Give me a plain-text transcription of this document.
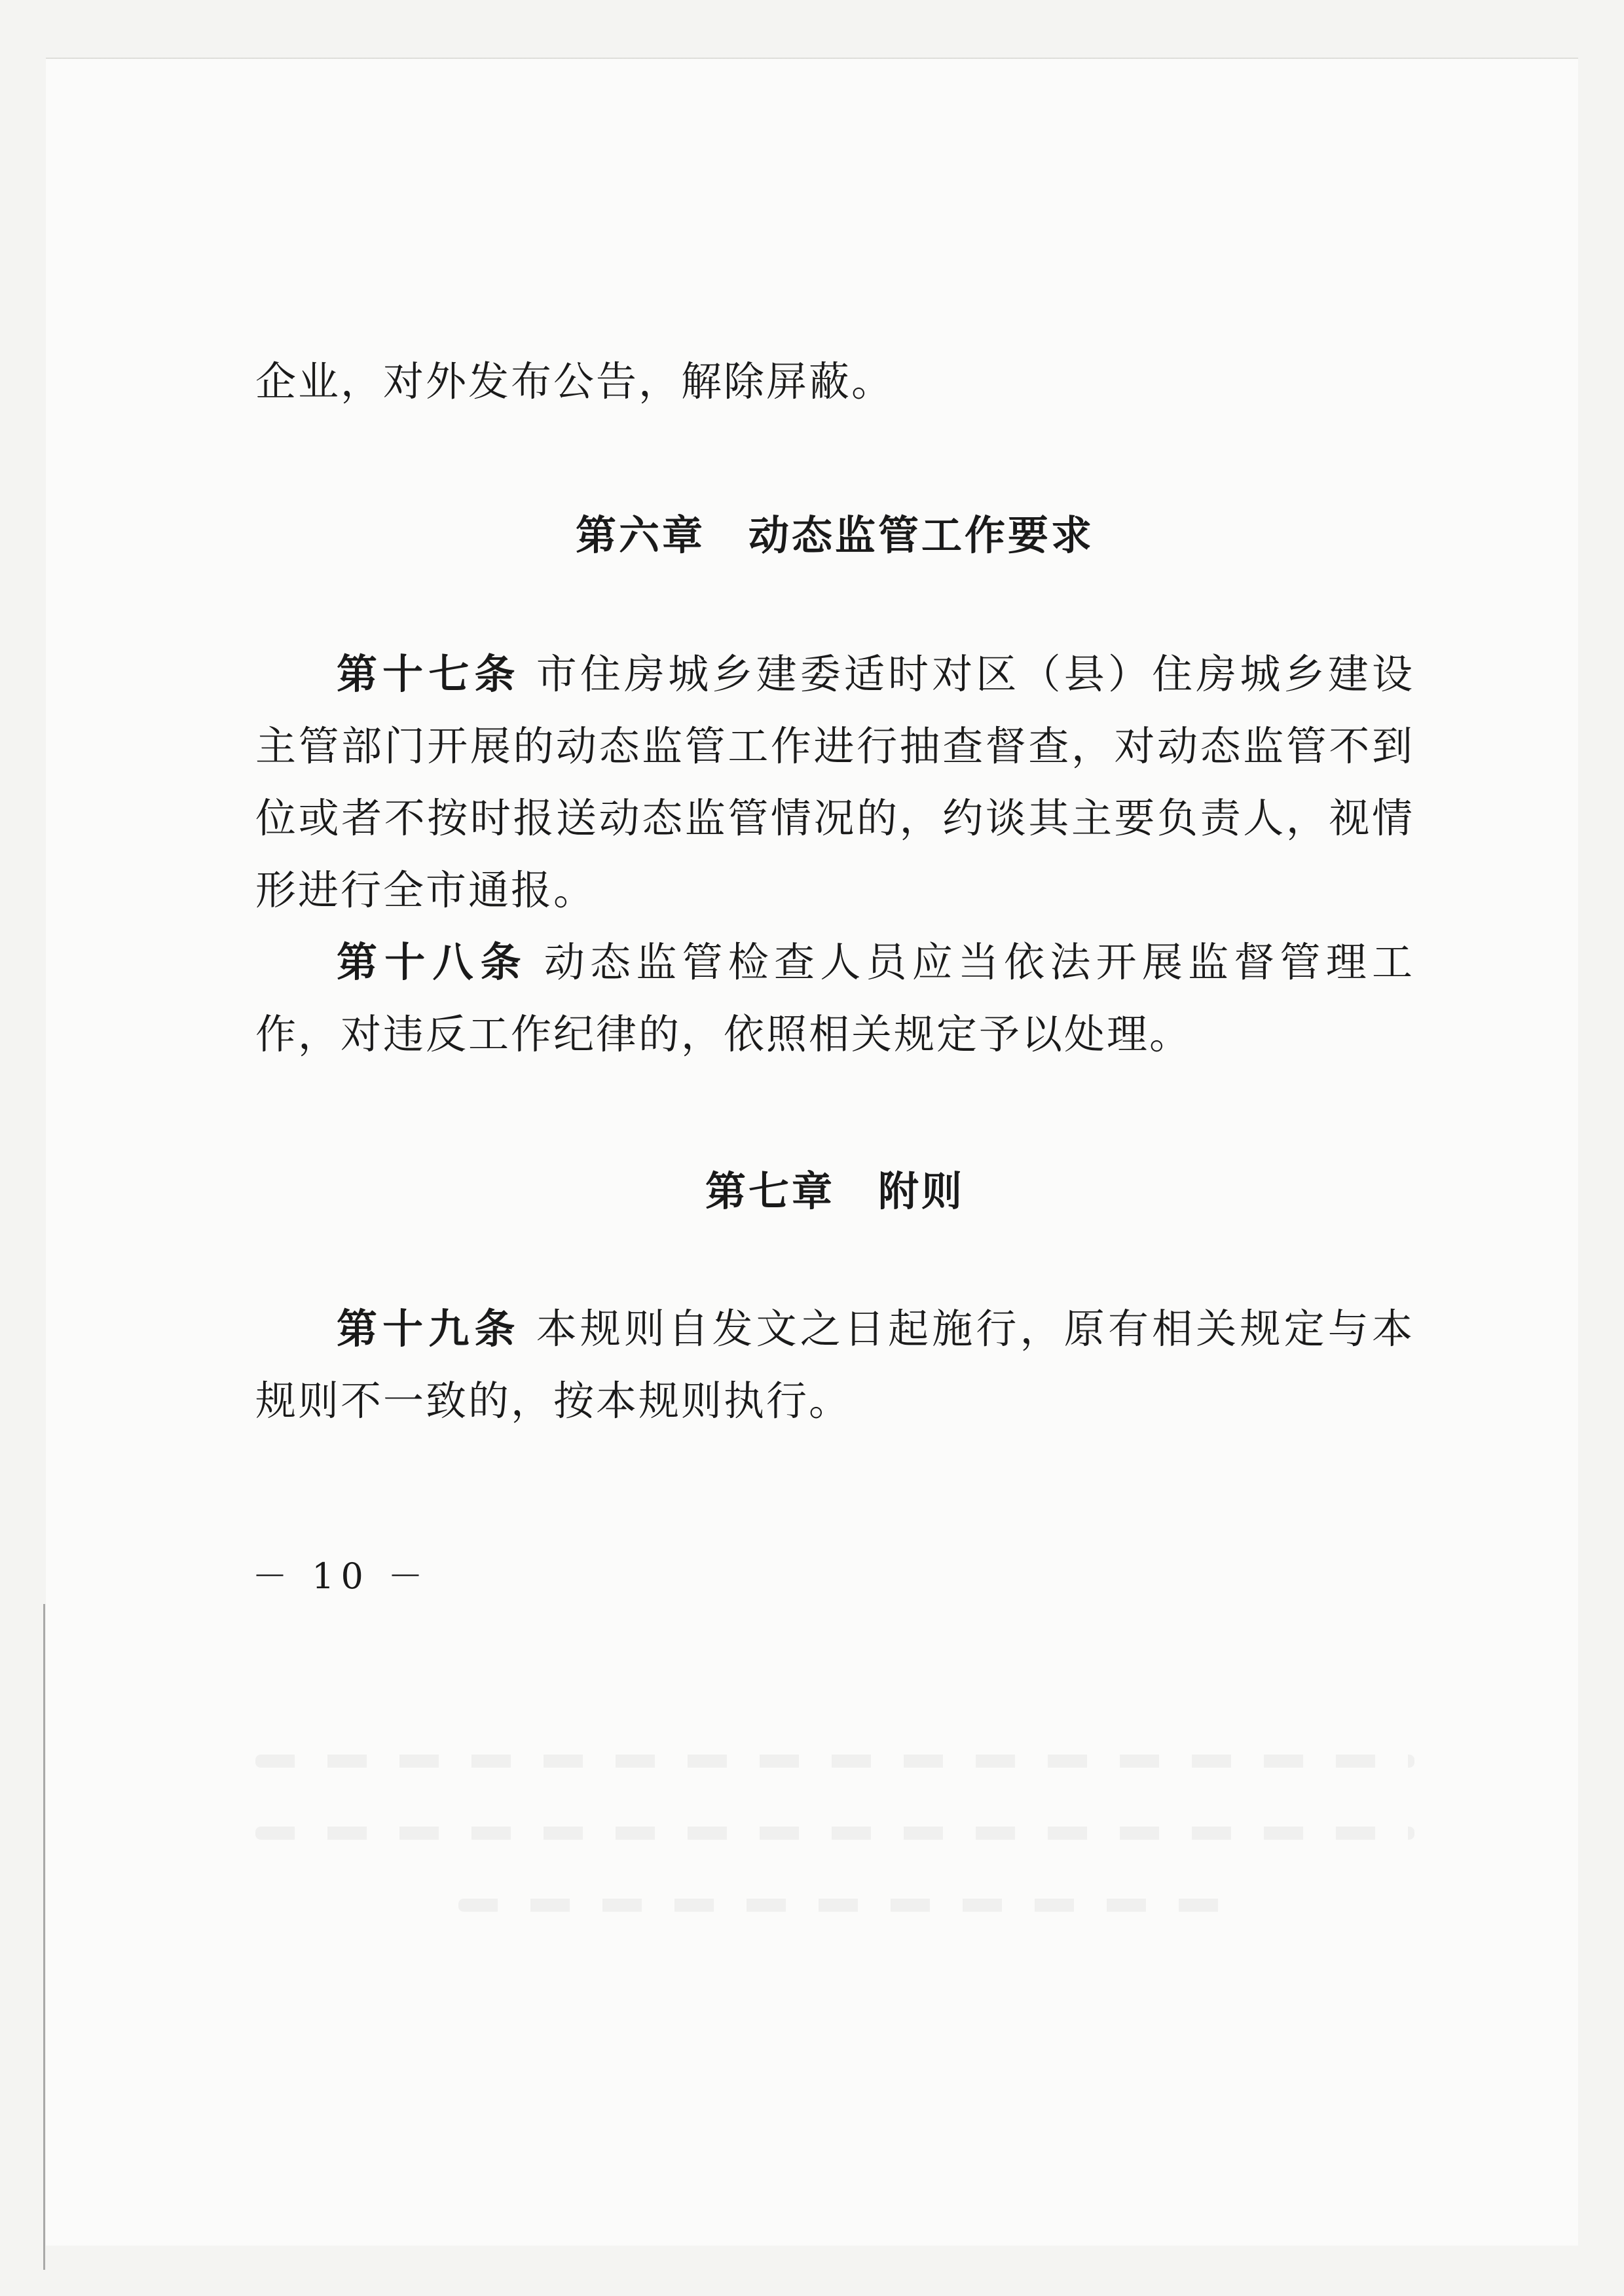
企业，对外发布公告，解除屏蔽。

第六章　动态监管工作要求

第十七条 市住房城乡建委适时对区（县）住房城乡建设主管部门开展的动态监管工作进行抽查督查，对动态监管不到位或者不按时报送动态监管情况的，约谈其主要负责人，视情形进行全市通报。

第十八条 动态监管检查人员应当依法开展监督管理工作，对违反工作纪律的，依照相关规定予以处理。

第七章　附则

第十九条 本规则自发文之日起施行，原有相关规定与本规则不一致的，按本规则执行。

－ 10 －
